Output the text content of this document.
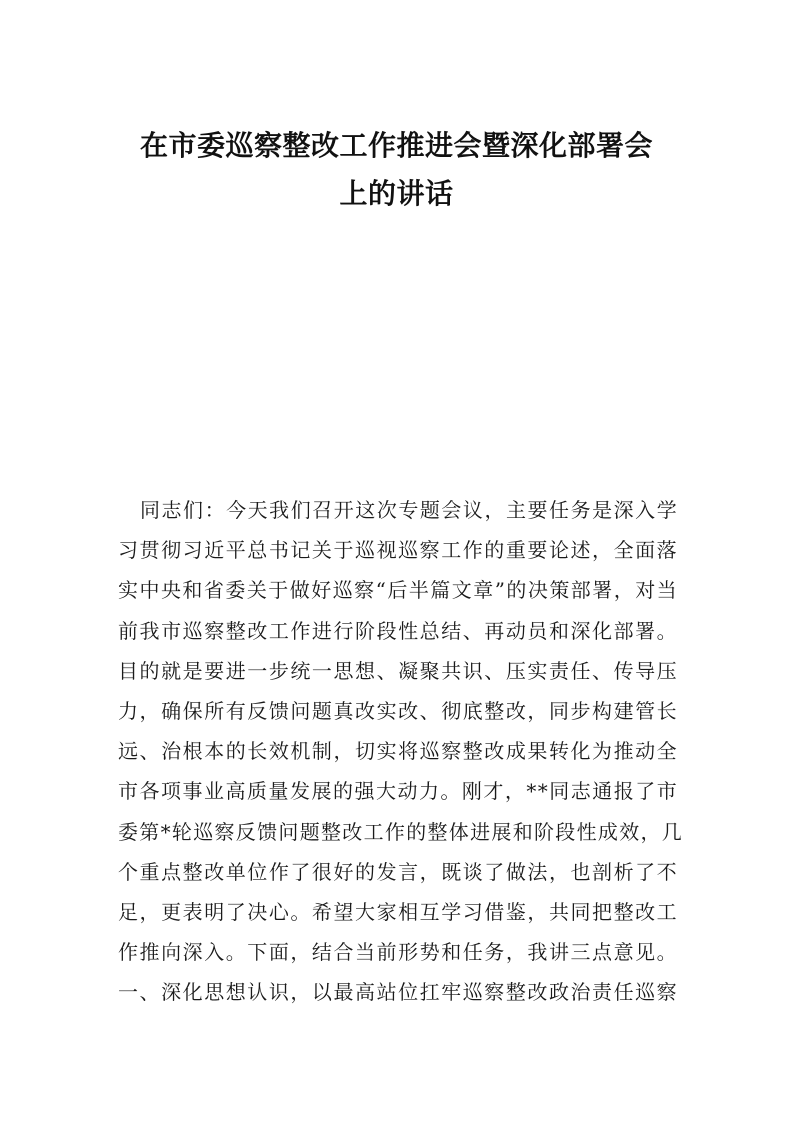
在市委巡察整改工作推进会暨深化部署会
上的讲话
同志们：今天我们召开这次专题会议，主要任务是深入学
习贯彻习近平总书记关于巡视巡察工作的重要论述，全面落
实中央和省委关于做好巡察“后半篇文章”的决策部署，对当
前我市巡察整改工作进行阶段性总结、再动员和深化部署。
目的就是要进一步统一思想、凝聚共识、压实责任、传导压
力，确保所有反馈问题真改实改、彻底整改，同步构建管长
远、治根本的长效机制，切实将巡察整改成果转化为推动全
市各项事业高质量发展的强大动力。刚才，**同志通报了市
委第*轮巡察反馈问题整改工作的整体进展和阶段性成效，几
个重点整改单位作了很好的发言，既谈了做法，也剖析了不
足，更表明了决心。希望大家相互学习借鉴，共同把整改工
作推向深入。下面，结合当前形势和任务，我讲三点意见。
一、深化思想认识，以最高站位扛牢巡察整改政治责任巡察
